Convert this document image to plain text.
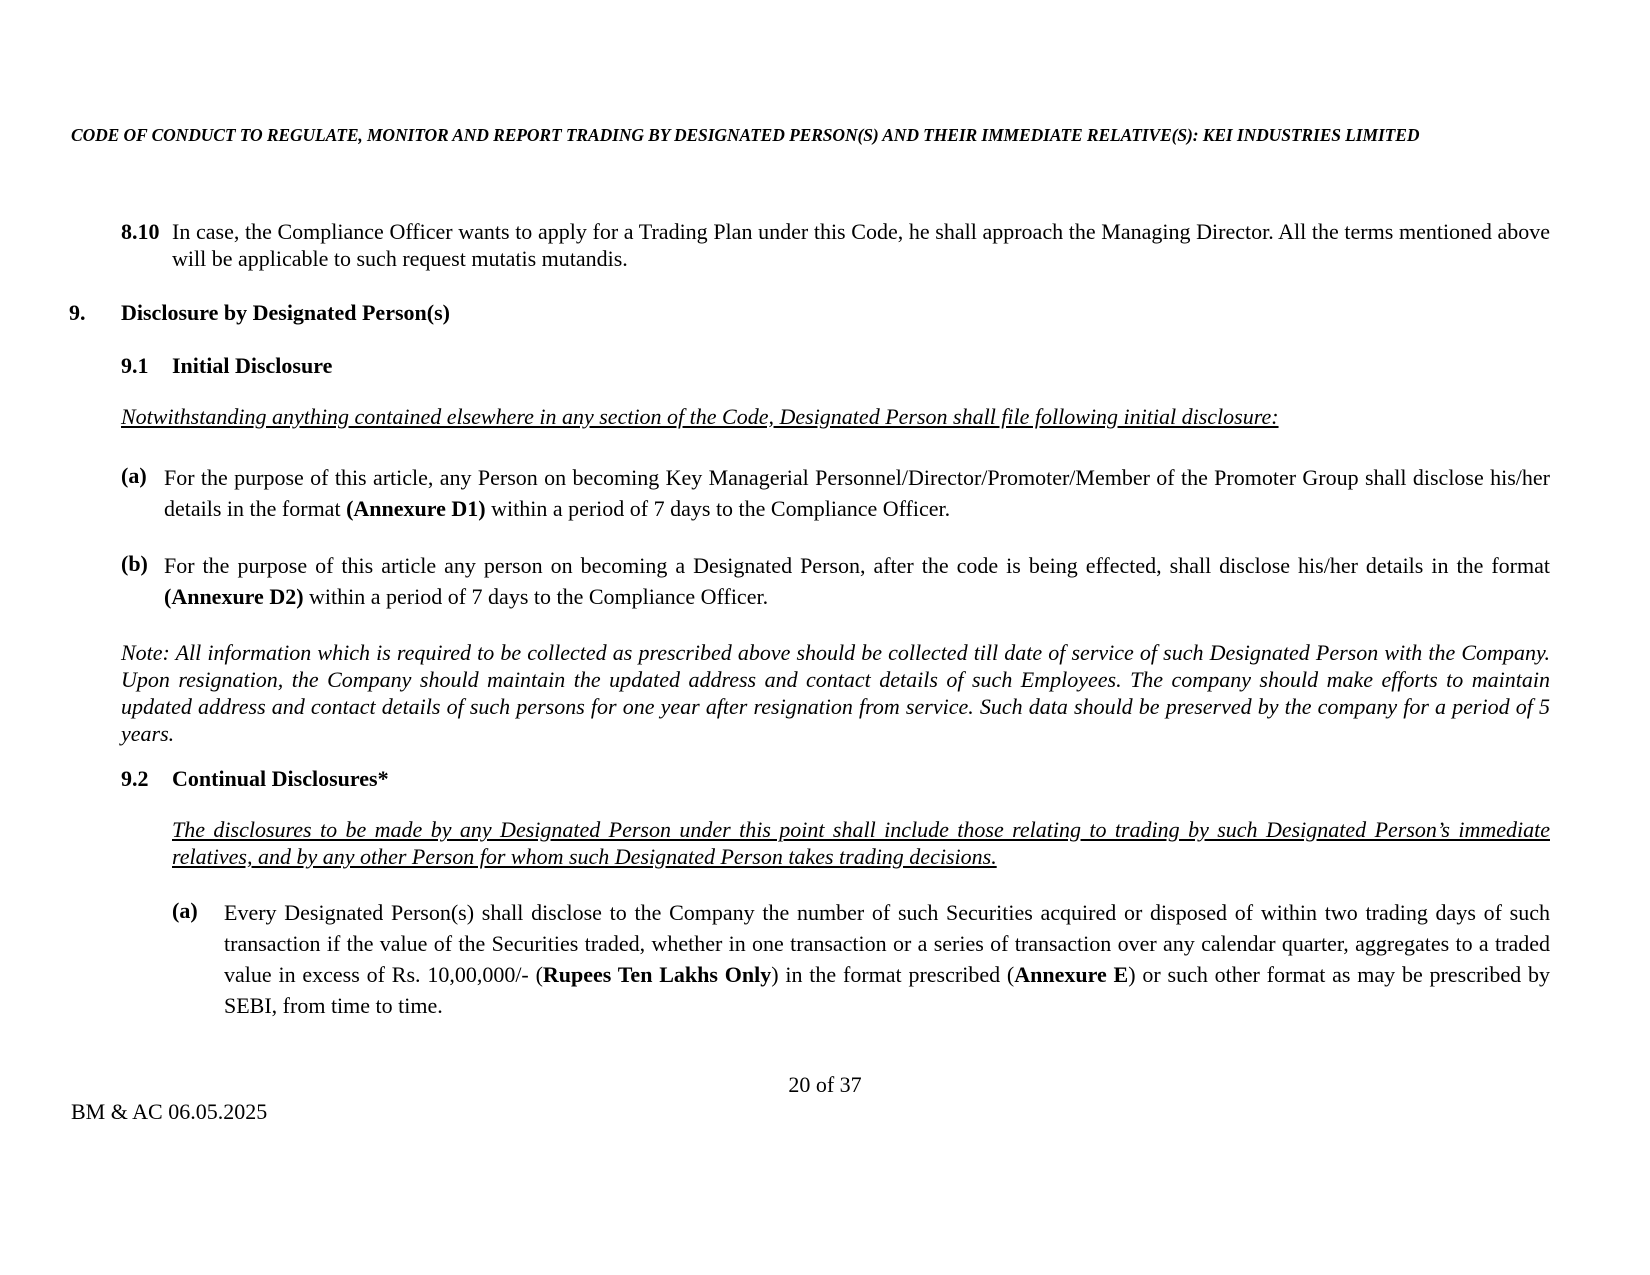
CODE OF CONDUCT TO REGULATE, MONITOR AND REPORT TRADING BY DESIGNATED PERSON(S) AND THEIR IMMEDIATE RELATIVE(S): KEI INDUSTRIES LIMITED
8.10 In case, the Compliance Officer wants to apply for a Trading Plan under this Code, he shall approach the Managing Director. All the terms mentioned above will be applicable to such request mutatis mutandis.
9. Disclosure by Designated Person(s)
9.1 Initial Disclosure
Notwithstanding anything contained elsewhere in any section of the Code, Designated Person shall file following initial disclosure:
(a) For the purpose of this article, any Person on becoming Key Managerial Personnel/Director/Promoter/Member of the Promoter Group shall disclose his/her details in the format (Annexure D1) within a period of 7 days to the Compliance Officer.
(b) For the purpose of this article any person on becoming a Designated Person, after the code is being effected, shall disclose his/her details in the format (Annexure D2) within a period of 7 days to the Compliance Officer.
Note: All information which is required to be collected as prescribed above should be collected till date of service of such Designated Person with the Company. Upon resignation, the Company should maintain the updated address and contact details of such Employees. The company should make efforts to maintain updated address and contact details of such persons for one year after resignation from service. Such data should be preserved by the company for a period of 5 years.
9.2 Continual Disclosures*
The disclosures to be made by any Designated Person under this point shall include those relating to trading by such Designated Person’s immediate relatives, and by any other Person for whom such Designated Person takes trading decisions.
(a) Every Designated Person(s) shall disclose to the Company the number of such Securities acquired or disposed of within two trading days of such transaction if the value of the Securities traded, whether in one transaction or a series of transaction over any calendar quarter, aggregates to a traded value in excess of Rs. 10,00,000/- (Rupees Ten Lakhs Only) in the format prescribed (Annexure E) or such other format as may be prescribed by SEBI, from time to time.
20 of 37
BM & AC 06.05.2025
